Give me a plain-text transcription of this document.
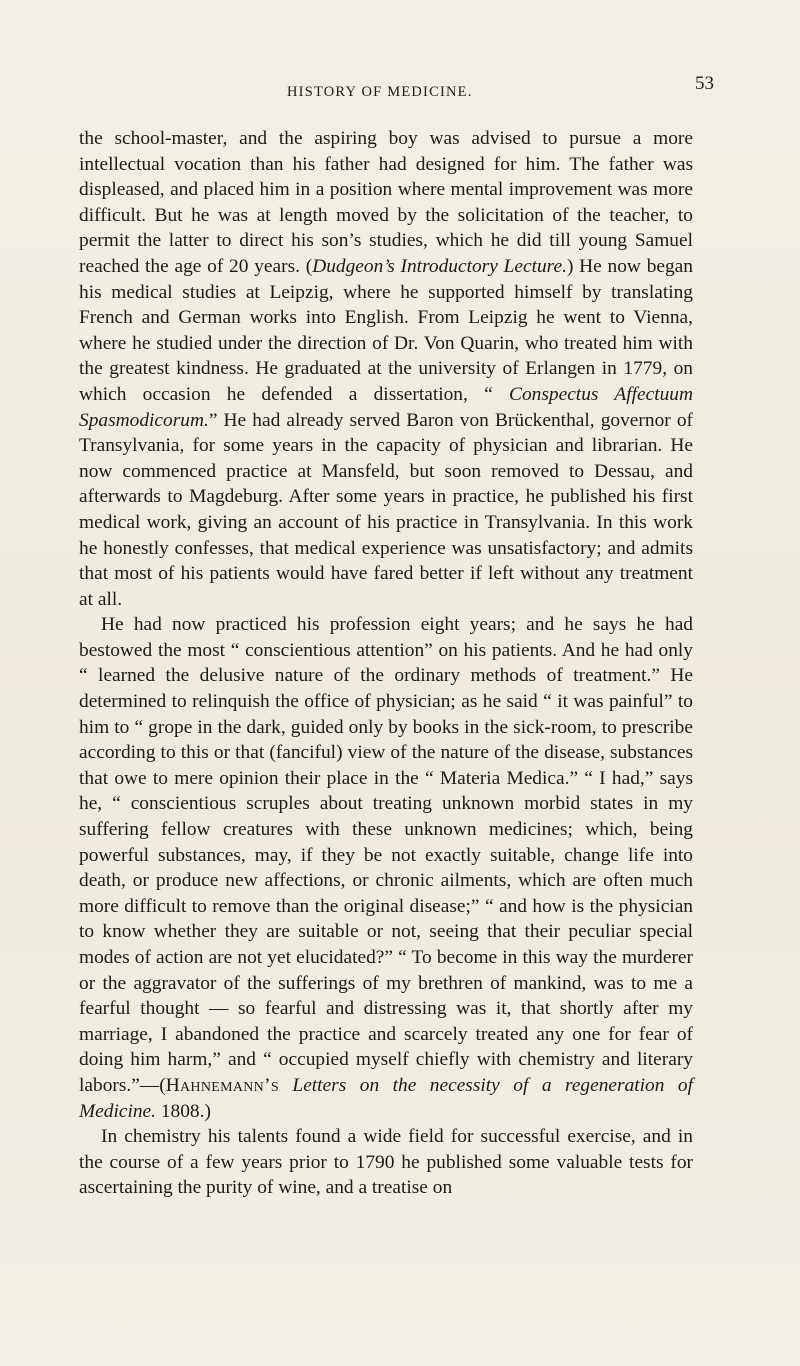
HISTORY OF MEDICINE.	53

the school-master, and the aspiring boy was advised to pursue a more intellectual vocation than his father had designed for him. The father was displeased, and placed him in a position where mental improvement was more difficult. But he was at length moved by the solicitation of the teacher, to permit the latter to direct his son’s studies, which he did till young Samuel reached the age of 20 years. (Dudgeon’s Introductory Lecture.) He now began his medical studies at Leipzig, where he supported himself by translating French and German works into English. From Leipzig he went to Vienna, where he studied under the direction of Dr. Von Quarin, who treated him with the greatest kindness. He graduated at the university of Erlangen in 1779, on which occasion he defended a dissertation, “ Conspectus Affectuum Spasmodicorum.” He had already served Baron von Brückenthal, governor of Transylvania, for some years in the capacity of physician and librarian. He now commenced practice at Mansfeld, but soon removed to Dessau, and afterwards to Magdeburg. After some years in practice, he published his first medical work, giving an account of his practice in Transylvania. In this work he honestly confesses, that medical experience was unsatisfactory; and admits that most of his patients would have fared better if left without any treatment at all.

He had now practiced his profession eight years; and he says he had bestowed the most “ conscientious attention” on his patients. And he had only “ learned the delusive nature of the ordinary methods of treatment.” He determined to relinquish the office of physician; as he said “ it was painful” to him to “ grope in the dark, guided only by books in the sick-room, to prescribe according to this or that (fanciful) view of the nature of the disease, substances that owe to mere opinion their place in the “ Materia Medica.” “ I had,” says he, “ conscientious scruples about treating unknown morbid states in my suffering fellow creatures with these unknown medicines; which, being powerful substances, may, if they be not exactly suitable, change life into death, or produce new affections, or chronic ailments, which are often much more difficult to remove than the original disease;” “ and how is the physician to know whether they are suitable or not, seeing that their peculiar special modes of action are not yet elucidated?” “ To become in this way the murderer or the aggravator of the sufferings of my brethren of mankind, was to me a fearful thought — so fearful and distressing was it, that shortly after my marriage, I abandoned the practice and scarcely treated any one for fear of doing him harm,” and “ occupied myself chiefly with chemistry and literary labors.”—(Hahnemann’s Letters on the necessity of a regeneration of Medicine. 1808.)

In chemistry his talents found a wide field for successful exercise, and in the course of a few years prior to 1790 he published some valuable tests for ascertaining the purity of wine, and a treatise on
